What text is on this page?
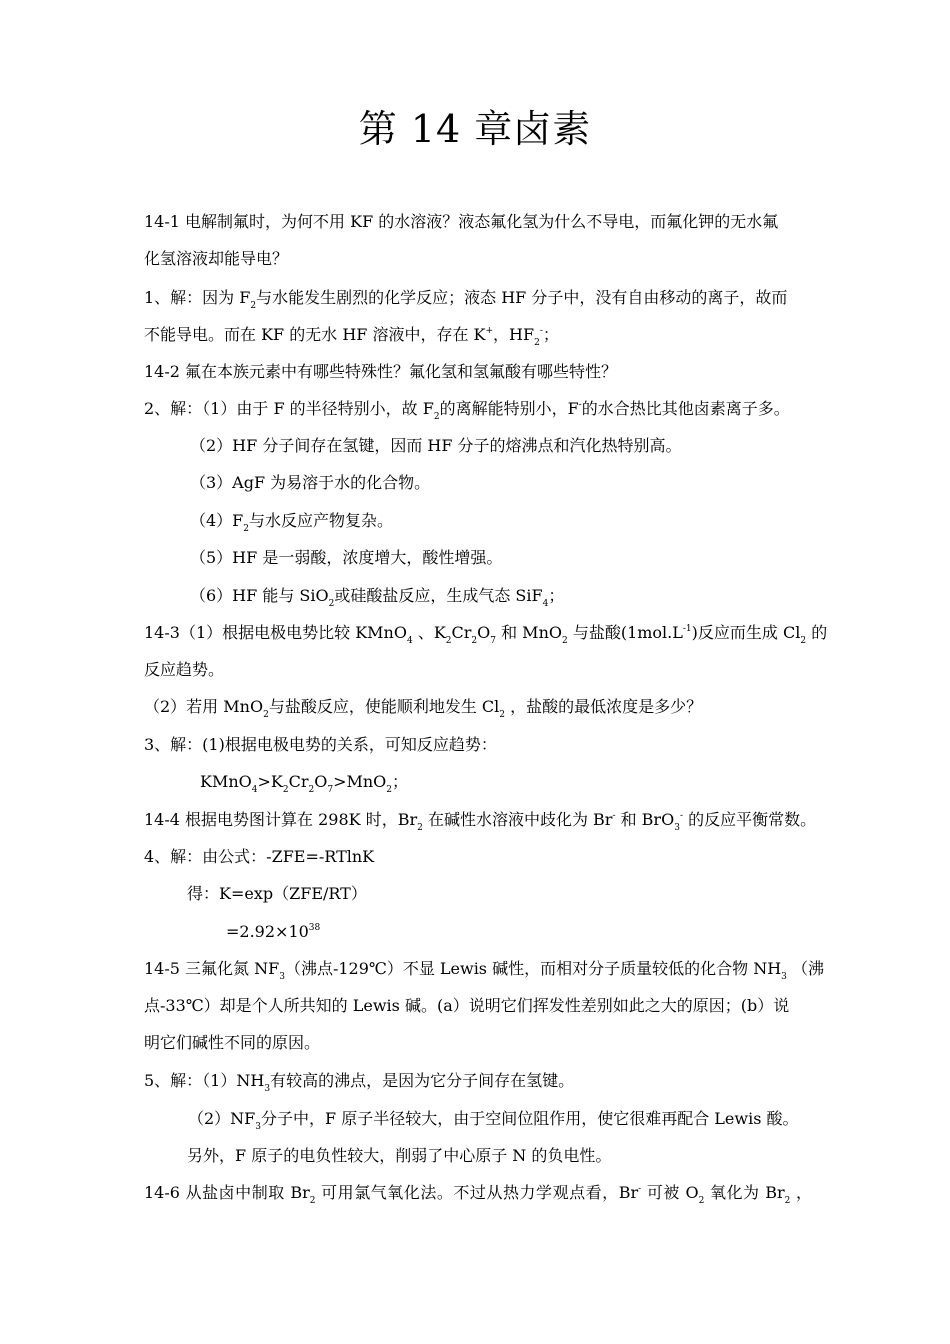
第 14 章卤素
14-1 电解制氟时，为何不用 KF 的水溶液？液态氟化氢为什么不导电，而氟化钾的无水氟
化氢溶液却能导电？
1、解：因为 $F_2$与水能发生剧烈的化学反应；液态 HF 分子中，没有自由移动的离子，故而
不能导电。而在 KF 的无水 HF 溶液中，存在 K+，$HF_2^-$；
14-2 氟在本族元素中有哪些特殊性？氟化氢和氢氟酸有哪些特性？
2、解：（1）由于 F 的半径特别小，故 $F_2$的离解能特别小，F-的水合热比其他卤素离子多。
（2）HF 分子间存在氢键，因而 HF 分子的熔沸点和汽化热特别高。
（3）AgF 为易溶于水的化合物。
$(4)F_2$与水反应产物复杂。
（5）HF 是一弱酸，浓度增大，酸性增强。
（6）HF 能与 SiO$_2$或硅酸盐反应，生成气态 SiF$_4$；
14-3（1）根据电极电势比较 KMnO$_4$ 、$K_2Cr_2O_7$ 和 MnO$_2$ 与盐酸$(1mol.L^{-1})$反应而生成 $Cl_2$ 的
反应趋势。
（2）若用 MnO$_2$与盐酸反应，使能顺利地发生 $Cl_2$ ，盐酸的最低浓度是多少？
3、解：(1)根据电极电势的关系，可知反应趋势：
$KMnO_4>K_2Cr_2O_7>MnO_2$；
14-4 根据电势图计算在 298K 时，$Br_2$ 在碱性水溶液中歧化为 Br- 和 BrO$_3$- 的反应平衡常数。
4、解：由公式：-ZFE=-RTlnK
得：K=exp（ZFE/RT）
$=2.92\times 10^{38}$
14-5 三氟化氮 $NF_3$（沸点-129℃）不显 Lewis 碱性，而相对分子质量较低的化合物 $NH_3$ （沸
点-33℃）却是个人所共知的 Lewis 碱。(a）说明它们挥发性差别如此之大的原因；(b）说
明它们碱性不同的原因。
5、解：$(1)NH_3$有较高的沸点，是因为它分子间存在氢键。
$(2)NF_3$分子中，F 原子半径较大，由于空间位阻作用，使它很难再配合 Lewis 酸。
另外，F 原子的电负性较大，削弱了中心原子 N 的负电性。
14-6 从盐卤中制取 $Br_2$ 可用氯气氧化法。不过从热力学观点看，Br- 可被 $O_2$ 氧化为 $Br_2$ ，
